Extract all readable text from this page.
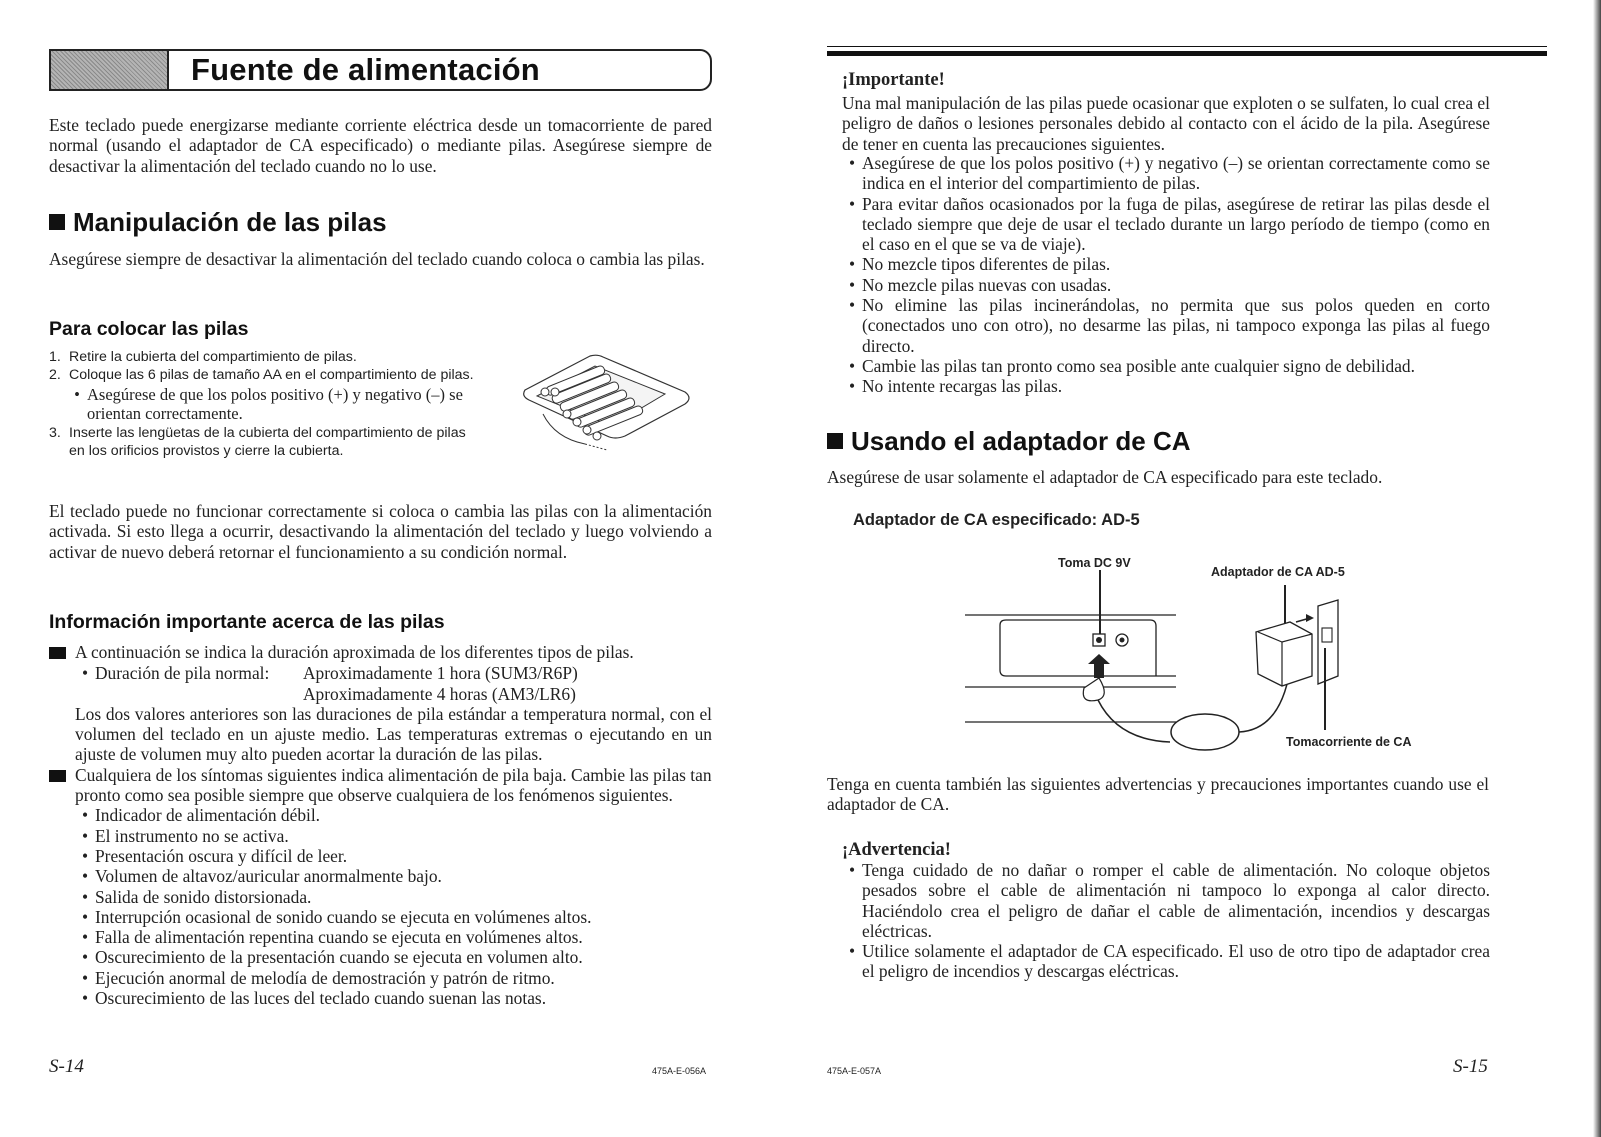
Fuente de alimentación
Este teclado puede energizarse mediante corriente eléctrica desde un tomacorriente de pared normal (usando el adaptador de CA especificado) o mediante pilas. Asegúrese siempre de desactivar la alimentación del teclado cuando no lo use.
Manipulación de las pilas
Asegúrese siempre de desactivar la alimentación del teclado cuando coloca o cambia las pilas.
Para colocar las pilas
1. Retire la cubierta del compartimiento de pilas.
2. Coloque las 6 pilas de tamaño AA en el compartimiento de pilas.
• Asegúrese de que los polos positivo (+) y negativo (–) se orientan correctamente.
3. Inserte las lengüetas de la cubierta del compartimiento de pilas en los orificios provistos y cierre la cubierta.
El teclado puede no funcionar correctamente si coloca o cambia las pilas con la alimentación activada. Si esto llega a ocurrir, desactivando la alimentación del teclado y luego volviendo a activar de nuevo deberá retornar el funcionamiento a su condición normal.
Información importante acerca de las pilas
A continuación se indica la duración aproximada de los diferentes tipos de pilas.
• Duración de pila normal:	Aproximadamente 1 hora (SUM3/R6P)
Aproximadamente 4 horas (AM3/LR6)
Los dos valores anteriores son las duraciones de pila estándar a temperatura normal, con el volumen del teclado en un ajuste medio. Las temperaturas extremas o ejecutando en un ajuste de volumen muy alto pueden acortar la duración de las pilas.
Cualquiera de los síntomas siguientes indica alimentación de pila baja. Cambie las pilas tan pronto como sea posible siempre que observe cualquiera de los fenómenos siguientes.
• Indicador de alimentación débil.
• El instrumento no se activa.
• Presentación oscura y difícil de leer.
• Volumen de altavoz/auricular anormalmente bajo.
• Salida de sonido distorsionada.
• Interrupción ocasional de sonido cuando se ejecuta en volúmenes altos.
• Falla de alimentación repentina cuando se ejecuta en volúmenes altos.
• Oscurecimiento de la presentación cuando se ejecuta en volumen alto.
• Ejecución anormal de melodía de demostración y patrón de ritmo.
• Oscurecimiento de las luces del teclado cuando suenan las notas.
S-14	475A-E-056A
¡Importante!
Una mal manipulación de las pilas puede ocasionar que exploten o se sulfaten, lo cual crea el peligro de daños o lesiones personales debido al contacto con el ácido de la pila. Asegúrese de tener en cuenta las precauciones siguientes.
• Asegúrese de que los polos positivo (+) y negativo (–) se orientan correctamente como se indica en el interior del compartimiento de pilas.
• Para evitar daños ocasionados por la fuga de pilas, asegúrese de retirar las pilas desde el teclado siempre que deje de usar el teclado durante un largo período de tiempo (como en el caso en el que se va de viaje).
• No mezcle tipos diferentes de pilas.
• No mezcle pilas nuevas con usadas.
• No elimine las pilas incinerándolas, no permita que sus polos queden en corto (conectados uno con otro), no desarme las pilas, ni tampoco exponga las pilas al fuego directo.
• Cambie las pilas tan pronto como sea posible ante cualquier signo de debilidad.
• No intente recargas las pilas.
Usando el adaptador de CA
Asegúrese de usar solamente el adaptador de CA especificado para este teclado.
Adaptador de CA especificado: AD-5
Toma DC 9V
Adaptador de CA AD-5
Tomacorriente de CA
Tenga en cuenta también las siguientes advertencias y precauciones importantes cuando use el adaptador de CA.
¡Advertencia!
• Tenga cuidado de no dañar o romper el cable de alimentación. No coloque objetos pesados sobre el cable de alimentación ni tampoco lo exponga al calor directo. Haciéndolo crea el peligro de dañar el cable de alimentación, incendios y descargas eléctricas.
• Utilice solamente el adaptador de CA especificado. El uso de otro tipo de adaptador crea el peligro de incendios y descargas eléctricas.
475A-E-057A	S-15
